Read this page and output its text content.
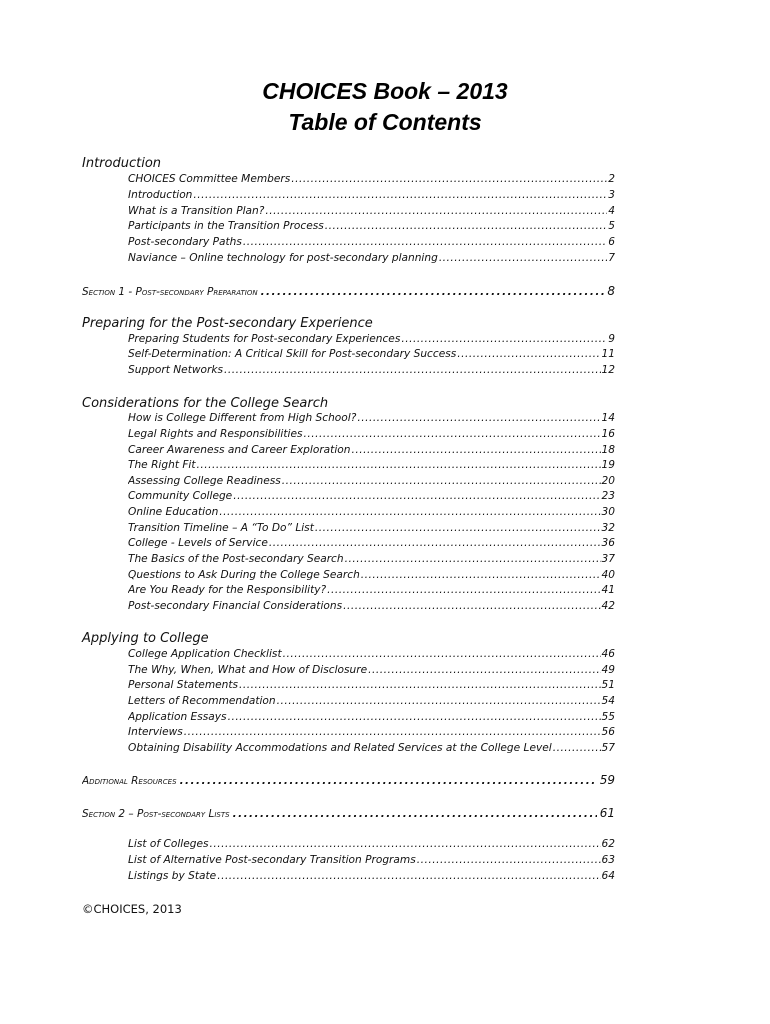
CHOICES Book – 2013
Table of Contents
Introduction
CHOICES Committee Members .....	2
Introduction .....	3
What is a Transition Plan? .....	4
Participants in the Transition Process .....	5
Post-secondary Paths .....	6
Naviance – Online technology for post-secondary planning .....	7
Section 1 - Post-secondary Preparation .....	8
Preparing for the Post-secondary Experience
Preparing Students for Post-secondary Experiences .....	9
Self-Determination: A Critical Skill for Post-secondary Success .....	11
Support Networks .....	12
Considerations for the College Search
How is College Different from High School? .....	14
Legal Rights and Responsibilities .....	16
Career Awareness and Career Exploration .....	18
The Right Fit .....	19
Assessing College Readiness .....	20
Community College .....	23
Online Education .....	30
Transition Timeline – A “To Do” List .....	32
College - Levels of Service .....	36
The Basics of the Post-secondary Search .....	37
Questions to Ask During the College Search .....	40
Are You Ready for the Responsibility? .....	41
Post-secondary Financial Considerations .....	42
Applying to College
College Application Checklist .....	46
The Why, When, What and How of Disclosure .....	49
Personal Statements .....	51
Letters of Recommendation .....	54
Application Essays .....	55
Interviews .....	56
Obtaining Disability Accommodations and Related Services at the College Level .....	57
Additional Resources .....	59
Section 2 – Post-secondary Lists .....	61
List of Colleges .....	62
List of Alternative Post-secondary Transition Programs .....	63
Listings by State .....	64
©CHOICES, 2013
